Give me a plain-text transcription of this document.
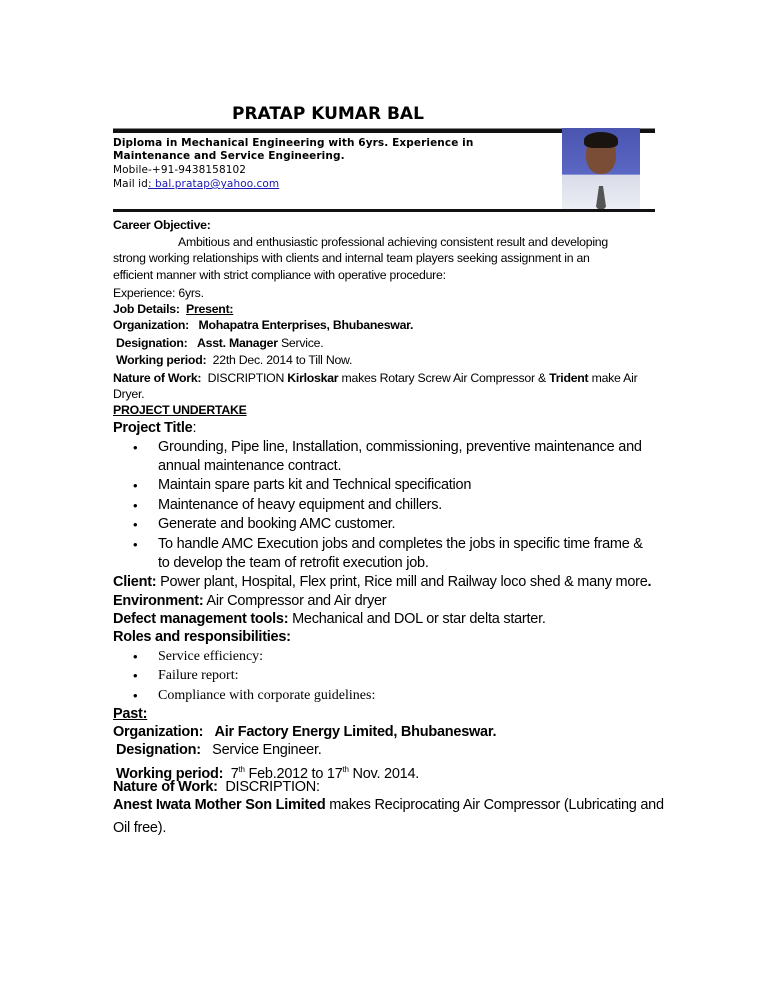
PRATAP KUMAR BAL
Diploma in Mechanical Engineering with 6yrs. Experience in
Maintenance and Service Engineering.
Mobile-+91-9438158102
Mail id: bal.pratap@yahoo.com
Career Objective:
Ambitious and enthusiastic professional achieving consistent result and developing
strong working relationships with clients and internal team players seeking assignment in an
efficient manner with strict compliance with operative procedure:
Experience: 6yrs.
Job Details: Present:
Organization: Mohapatra Enterprises, Bhubaneswar.
Designation: Asst. Manager Service.
Working period: 22th Dec. 2014 to Till Now.
Nature of Work: DISCRIPTION Kirloskar makes Rotary Screw Air Compressor & Trident make Air
Dryer.
PROJECT UNDERTAKE
Project Title:
• Grounding, Pipe line, Installation, commissioning, preventive maintenance and
annual maintenance contract.
• Maintain spare parts kit and Technical specification
• Maintenance of heavy equipment and chillers.
• Generate and booking AMC customer.
• To handle AMC Execution jobs and completes the jobs in specific time frame &
to develop the team of retrofit execution job.
Client: Power plant, Hospital, Flex print, Rice mill and Railway loco shed & many more.
Environment: Air Compressor and Air dryer
Defect management tools: Mechanical and DOL or star delta starter.
Roles and responsibilities:
• Service efficiency:
• Failure report:
• Compliance with corporate guidelines:
Past:
Organization: Air Factory Energy Limited, Bhubaneswar.
Designation: Service Engineer.
Working period: 7th Feb.2012 to 17th Nov. 2014.
Nature of Work: DISCRIPTION:
Anest Iwata Mother Son Limited makes Reciprocating Air Compressor (Lubricating and
Oil free).
